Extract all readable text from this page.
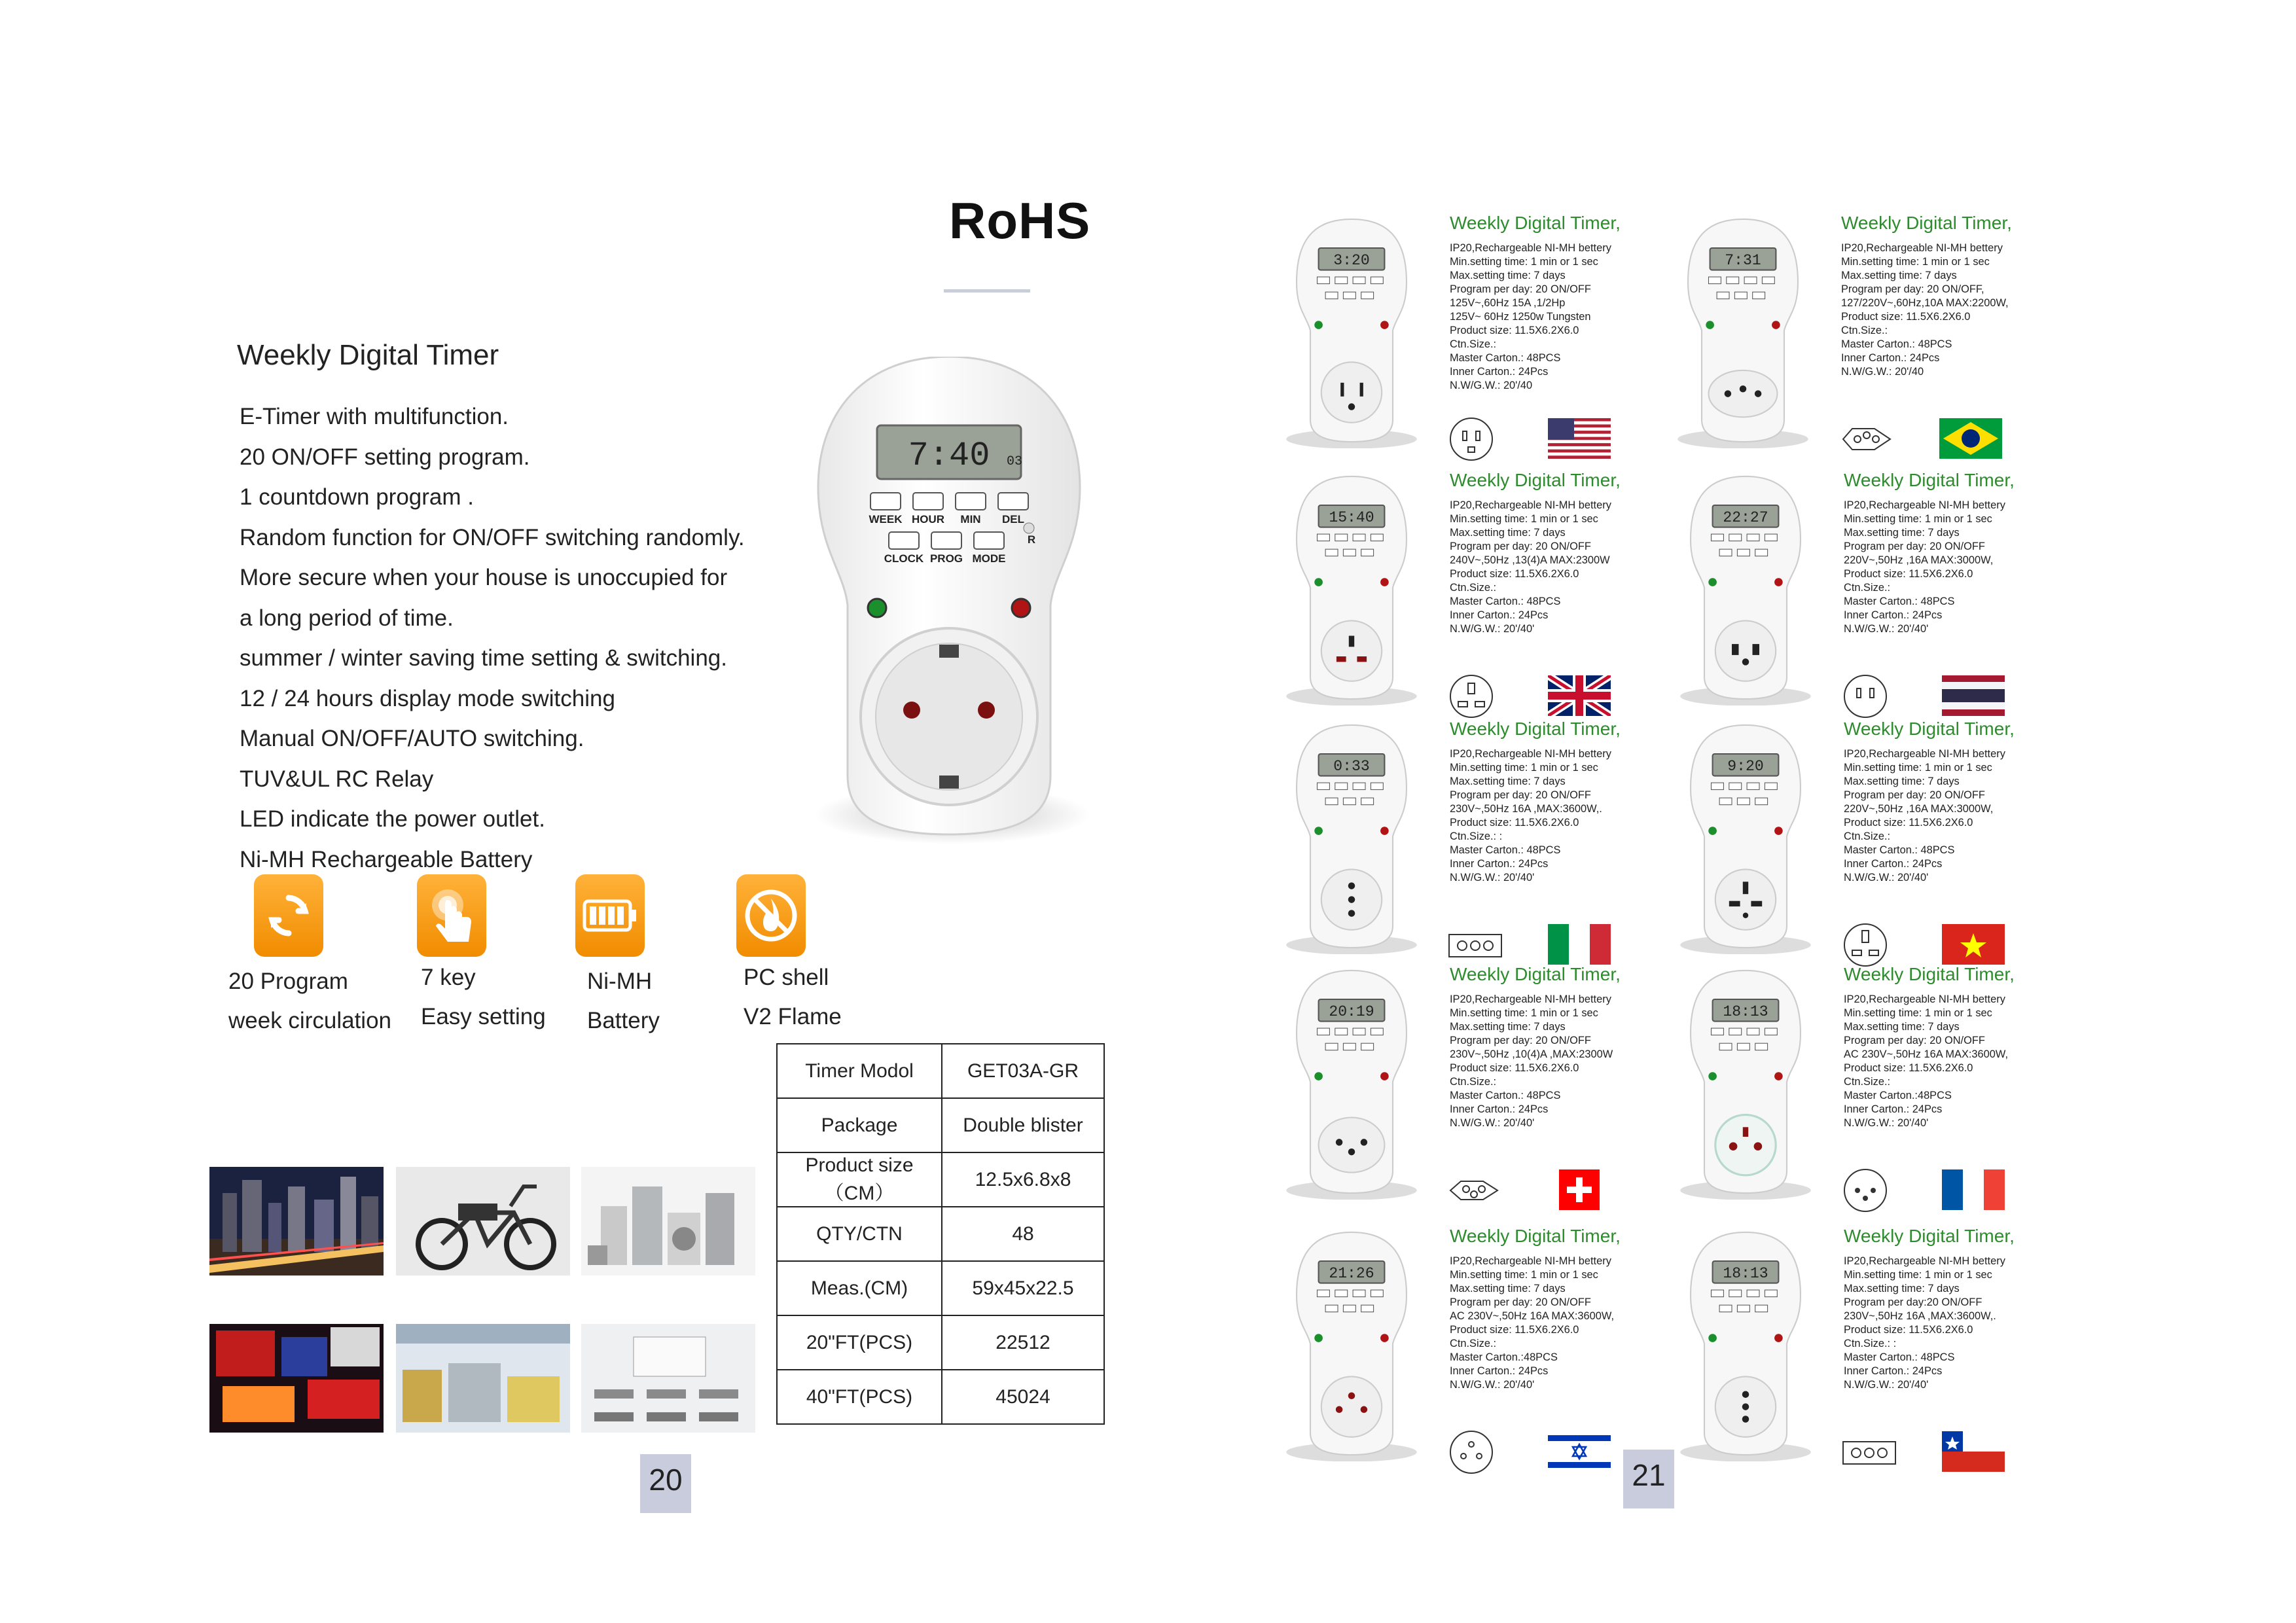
RoHS
Weekly Digital Timer
E-Timer with multifunction.
20 ON/OFF setting program.
1 countdown program .
Random function for ON/OFF switching randomly.
More secure when your house is unoccupied for
a long period of time.
summer / winter saving time setting & switching.
12 / 24 hours display mode switching
Manual ON/OFF/AUTO switching.
TUV&UL RC Relay
LED indicate the power outlet.
Ni-MH Rechargeable Battery
7:40 03
WEEK HOUR MIN DEL
CLOCK PROG MODE
R
20 Program
week circulation
7 key
Easy setting
Ni-MH
Battery
PC shell
V2 Flame
Timer Modol	GET03A-GR
Package	Double blister
Product size（CM）	12.5x6.8x8
QTY/CTN	48
Meas.(CM)	59x45x22.5
20"FT(PCS)	22512
40"FT(PCS)	45024
20	21
3:20
Weekly Digital Timer,
IP20,Rechargeable NI-MH bettery
Min.setting time: 1 min or 1 sec
Max.setting time: 7 days
Program per day: 20 ON/OFF
125V~,60Hz 15A ,1/2Hp
125V~ 60Hz 1250w Tungsten
Product size: 11.5X6.2X6.0
Ctn.Size.:
Master Carton.: 48PCS
Inner Carton.: 24Pcs
N.W/G.W.: 20'/40
7:31
Weekly Digital Timer,
IP20,Rechargeable NI-MH bettery
Min.setting time: 1 min or 1 sec
Max.setting time: 7 days
Program per day: 20 ON/OFF,
127/220V~,60Hz,10A MAX:2200W,
Product size: 11.5X6.2X6.0
Ctn.Size.:
Master Carton.: 48PCS
Inner Carton.: 24Pcs
N.W/G.W.: 20'/40
15:40
Weekly Digital Timer,
IP20,Rechargeable NI-MH bettery
Min.setting time: 1 min or 1 sec
Max.setting time: 7 days
Program per day: 20 ON/OFF
240V~,50Hz ,13(4)A MAX:2300W
Product size: 11.5X6.2X6.0
Ctn.Size.:
Master Carton.: 48PCS
Inner Carton.: 24Pcs
N.W/G.W.: 20'/40'
22:27
Weekly Digital Timer,
IP20,Rechargeable NI-MH bettery
Min.setting time: 1 min or 1 sec
Max.setting time: 7 days
Program per day: 20 ON/OFF
220V~,50Hz ,16A MAX:3000W,
Product size: 11.5X6.2X6.0
Ctn.Size.:
Master Carton.: 48PCS
Inner Carton.: 24Pcs
N.W/G.W.: 20'/40'
0:33
Weekly Digital Timer,
IP20,Rechargeable NI-MH bettery
Min.setting time: 1 min or 1 sec
Max.setting time: 7 days
Program per day: 20 ON/OFF
230V~,50Hz 16A ,MAX:3600W,.
Product size: 11.5X6.2X6.0
Ctn.Size.: :
Master Carton.: 48PCS
Inner Carton.: 24Pcs
N.W/G.W.: 20'/40'
9:20
Weekly Digital Timer,
IP20,Rechargeable NI-MH bettery
Min.setting time: 1 min or 1 sec
Max.setting time: 7 days
Program per day: 20 ON/OFF
220V~,50Hz ,16A MAX:3000W,
Product size: 11.5X6.2X6.0
Ctn.Size.:
Master Carton.: 48PCS
Inner Carton.: 24Pcs
N.W/G.W.: 20'/40'
20:19
Weekly Digital Timer,
IP20,Rechargeable NI-MH bettery
Min.setting time: 1 min or 1 sec
Max.setting time: 7 days
Program per day: 20 ON/OFF
230V~,50Hz ,10(4)A ,MAX:2300W
Product size: 11.5X6.2X6.0
Ctn.Size.:
Master Carton.: 48PCS
Inner Carton.: 24Pcs
N.W/G.W.: 20'/40'
18:13
Weekly Digital Timer,
IP20,Rechargeable NI-MH bettery
Min.setting time: 1 min or 1 sec
Max.setting time: 7 days
Program per day: 20 ON/OFF
AC 230V~,50Hz 16A MAX:3600W,
Product size: 11.5X6.2X6.0
Ctn.Size.:
Master Carton.:48PCS
Inner Carton.: 24Pcs
N.W/G.W.: 20'/40'
21:26
Weekly Digital Timer,
IP20,Rechargeable NI-MH bettery
Min.setting time: 1 min or 1 sec
Max.setting time: 7 days
Program per day: 20 ON/OFF
AC 230V~,50Hz 16A MAX:3600W,
Product size: 11.5X6.2X6.0
Ctn.Size.:
Master Carton.:48PCS
Inner Carton.: 24Pcs
N.W/G.W.: 20'/40'
18:13
Weekly Digital Timer,
IP20,Rechargeable NI-MH bettery
Min.setting time: 1 min or 1 sec
Max.setting time: 7 days
Program per day:20 ON/OFF
230V~,50Hz 16A ,MAX:3600W,.
Product size: 11.5X6.2X6.0
Ctn.Size.: :
Master Carton.: 48PCS
Inner Carton.: 24Pcs
N.W/G.W.: 20'/40'
